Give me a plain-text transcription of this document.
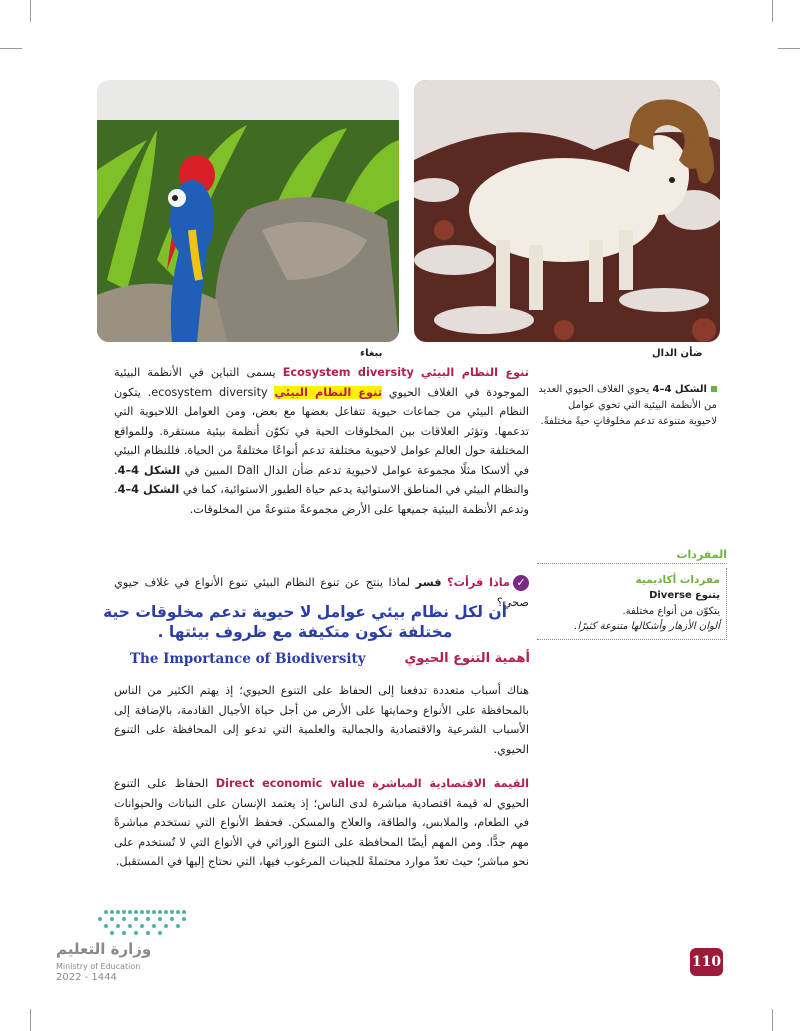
ببغاء	ضأن الدال
الشكل 4–4 يحوي الغلاف الحيوي العديد من الأنظمة البيئية التي تحوي عوامل لاحيوية متنوعة تدعم مخلوقاتٍ حيةً مختلفةً.

تنوع النظام البيئي Ecosystem diversity يسمى التباين في الأنظمة البيئية الموجودة في الغلاف الحيوي تنوع النظام البيئي ecosystem diversity. يتكون النظام البيئي من جماعات حيوية تتفاعل بعضها مع بعض، ومن العوامل اللاحيوية التي تدعمها. وتؤثر العلاقات بين المخلوقات الحية في تكوّن أنظمة بيئية مستقرة. وللمواقع المختلفة حول العالم عوامل لاحيوية مختلفة تدعم أنواعًا مختلفةً من الحياة. فللنظام البيئي في ألاسكا مثلًا مجموعة عوامل لاحيوية تدعم ضأن الدال Dall المبين في الشكل 4–4. والنظام البيئي في المناطق الاستوائية يدعم حياة الطيور الاستوائية، كما في الشكل 4–4. وتدعم الأنظمة البيئية جميعها على الأرض مجموعةً متنوعةً من المخلوقات.

✓ماذا قرأت؟ فسر لماذا ينتج عن تنوع النظام البيئي تنوع الأنواع في غلاف حيوي صحي؟

أن لكل نظام بيئي عوامل لا حيوية تدعم مخلوقات حية مختلفة تكون متكيفة مع ظروف بيئتها .
أهمية التنوع الحيوي
The Importance of Biodiversity
هناك أسباب متعددة تدفعنا إلى الحفاظ على التنوع الحيوي؛ إذ يهتم الكثير من الناس بالمحافظة على الأنواع وحمايتها على الأرض من أجل حياة الأجيال القادمة، بالإضافة إلى الأسباب الشرعية والاقتصادية والجمالية والعلمية التي تدعو إلى المحافظة على التنوع الحيوي.

القيمة الاقتصادية المباشرة Direct economic value الحفاظ على التنوع الحيوي له قيمة اقتصادية مباشرة لدى الناس؛ إذ يعتمد الإنسان على النباتات والحيوانات في الطعام، والملابس، والطاقة، والعلاج والمسكن. فحفظ الأنواع التي تستخدم مباشرةً مهم جدًّا. ومن المهم أيضًا المحافظة على التنوع الوراثي في الأنواع التي لا تُستخدم على نحو مباشر؛ حيث تعدّ موارد محتملةً للجينات المرغوب فيها، التي نحتاج إليها في المستقبل.

المفردات
مفردات أكاديمية
يتنوع Diverse
يتكوّن من أنواع مختلفة.
ألوان الأزهار وأشكالها متنوعة كثيرًا.
وزارة التعليم
Ministry of Education
2022 - 1444
110
